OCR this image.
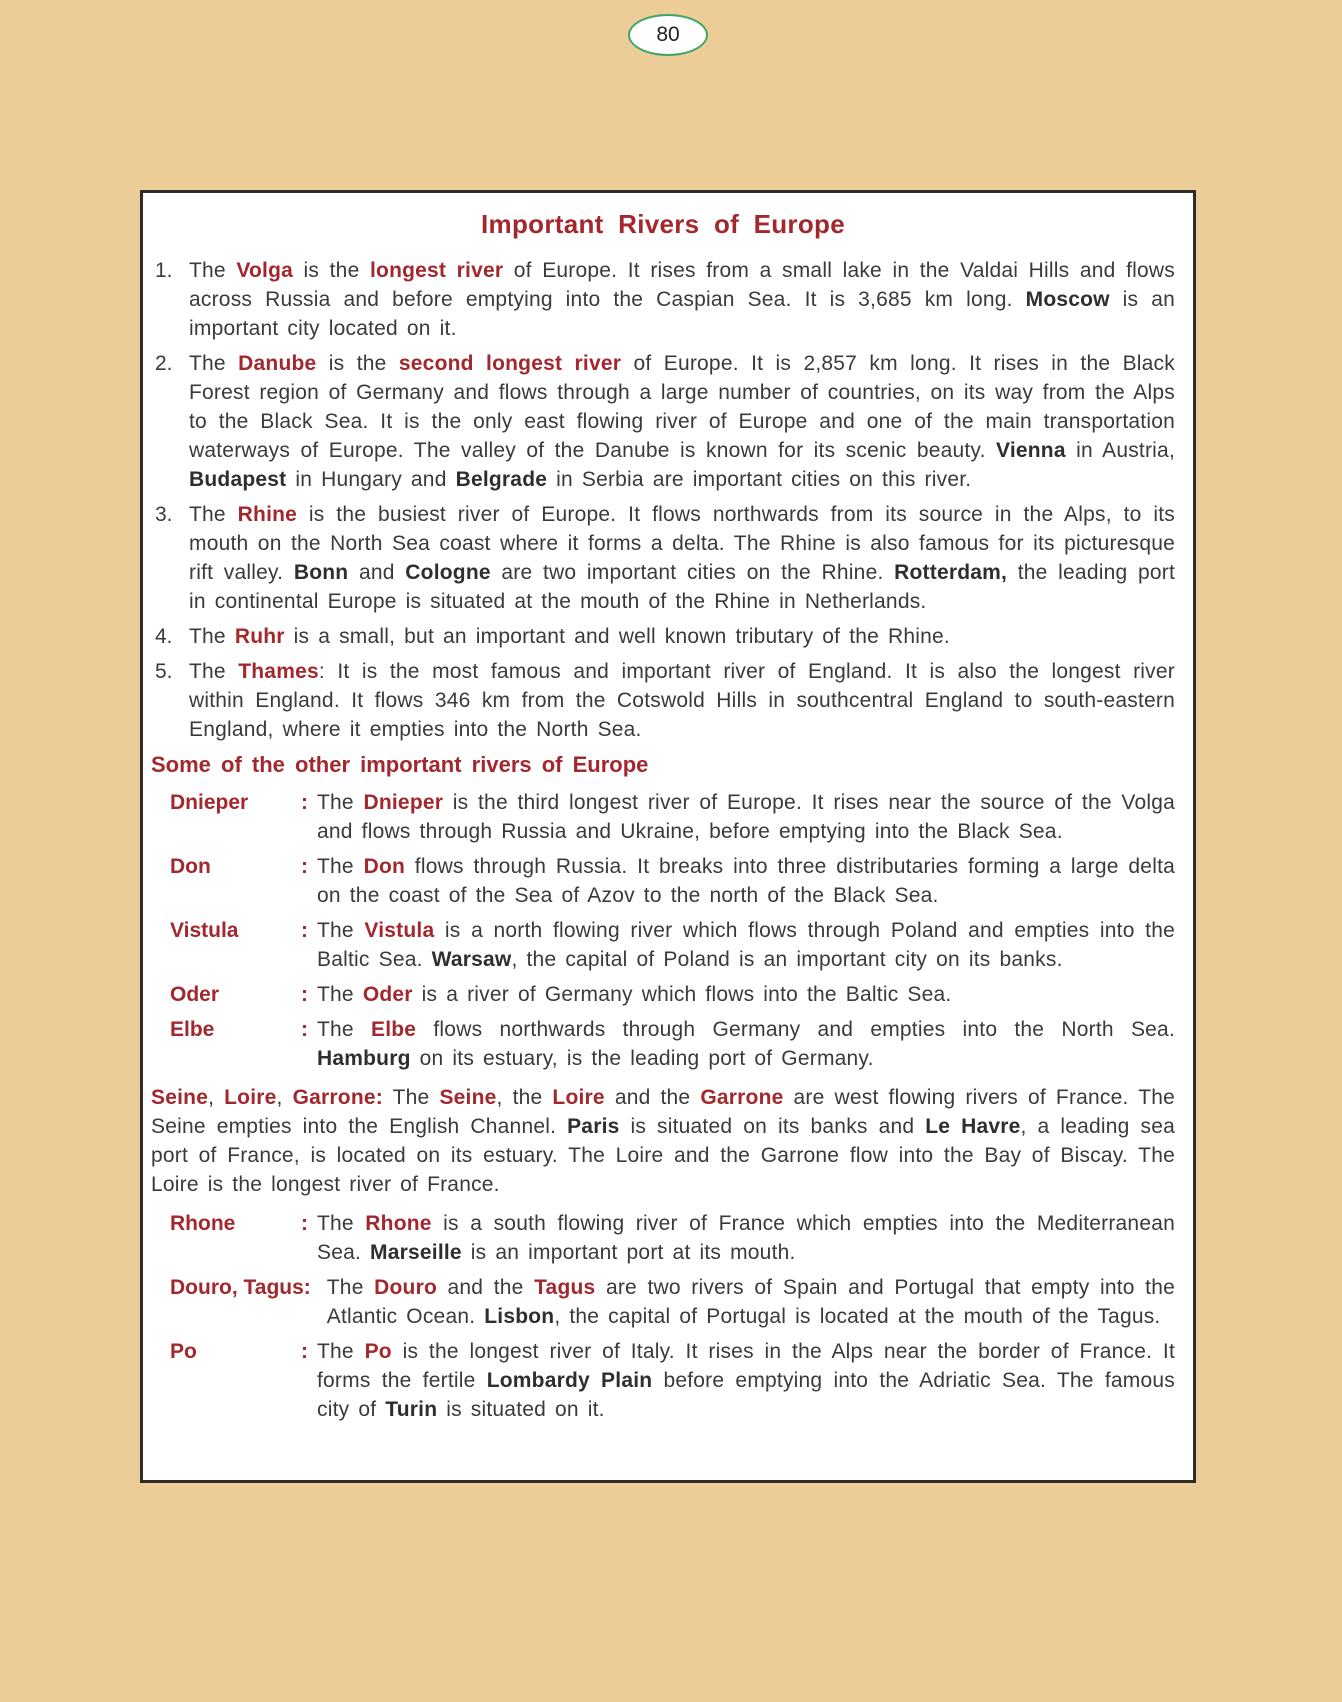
Important Rivers of Europe
1. The Volga is the longest river of Europe. It rises from a small lake in the Valdai Hills and flows across Russia and before emptying into the Caspian Sea. It is 3,685 km long. Moscow is an important city located on it.

2. The Danube is the second longest river of Europe. It is 2,857 km long. It rises in the Black Forest region of Germany and flows through a large number of countries, on its way from the Alps to the Black Sea. It is the only east flowing river of Europe and one of the main transportation waterways of Europe. The valley of the Danube is known for its scenic beauty. Vienna in Austria, Budapest in Hungary and Belgrade in Serbia are important cities on this river.

3. The Rhine is the busiest river of Europe. It flows northwards from its source in the Alps, to its mouth on the North Sea coast where it forms a delta. The Rhine is also famous for its picturesque rift valley. Bonn and Cologne are two important cities on the Rhine. Rotterdam, the leading port in continental Europe is situated at the mouth of the Rhine in Netherlands.

4. The Ruhr is a small, but an important and well known tributary of the Rhine.

5. The Thames: It is the most famous and important river of England. It is also the longest river within England. It flows 346 km from the Cotswold Hills in southcentral England to south-eastern England, where it empties into the North Sea.

Some of the other important rivers of Europe
Dnieper	: The Dnieper is the third longest river of Europe. It rises near the source of the Volga and flows through Russia and Ukraine, before emptying into the Black Sea.

Don	: The Don flows through Russia. It breaks into three distributaries forming a large delta on the coast of the Sea of Azov to the north of the Black Sea.

Vistula	: The Vistula is a north flowing river which flows through Poland and empties into the Baltic Sea. Warsaw, the capital of Poland is an important city on its banks.

Oder	: The Oder is a river of Germany which flows into the Baltic Sea.

Elbe	: The Elbe flows northwards through Germany and empties into the North Sea. Hamburg on its estuary, is the leading port of Germany.

Seine, Loire, Garrone: The Seine, the Loire and the Garrone are west flowing rivers of France. The Seine empties into the English Channel. Paris is situated on its banks and Le Havre, a leading sea port of France, is located on its estuary. The Loire and the Garrone flow into the Bay of Biscay. The Loire is the longest river of France.

Rhone	: The Rhone is a south flowing river of France which empties into the Mediterranean Sea. Marseille is an important port at its mouth.

Douro, Tagus: The Douro and the Tagus are two rivers of Spain and Portugal that empty into the Atlantic Ocean. Lisbon, the capital of Portugal is located at the mouth of the Tagus.

Po	: The Po is the longest river of Italy. It rises in the Alps near the border of France. It forms the fertile Lombardy Plain before emptying into the Adriatic Sea. The famous city of Turin is situated on it.

80
